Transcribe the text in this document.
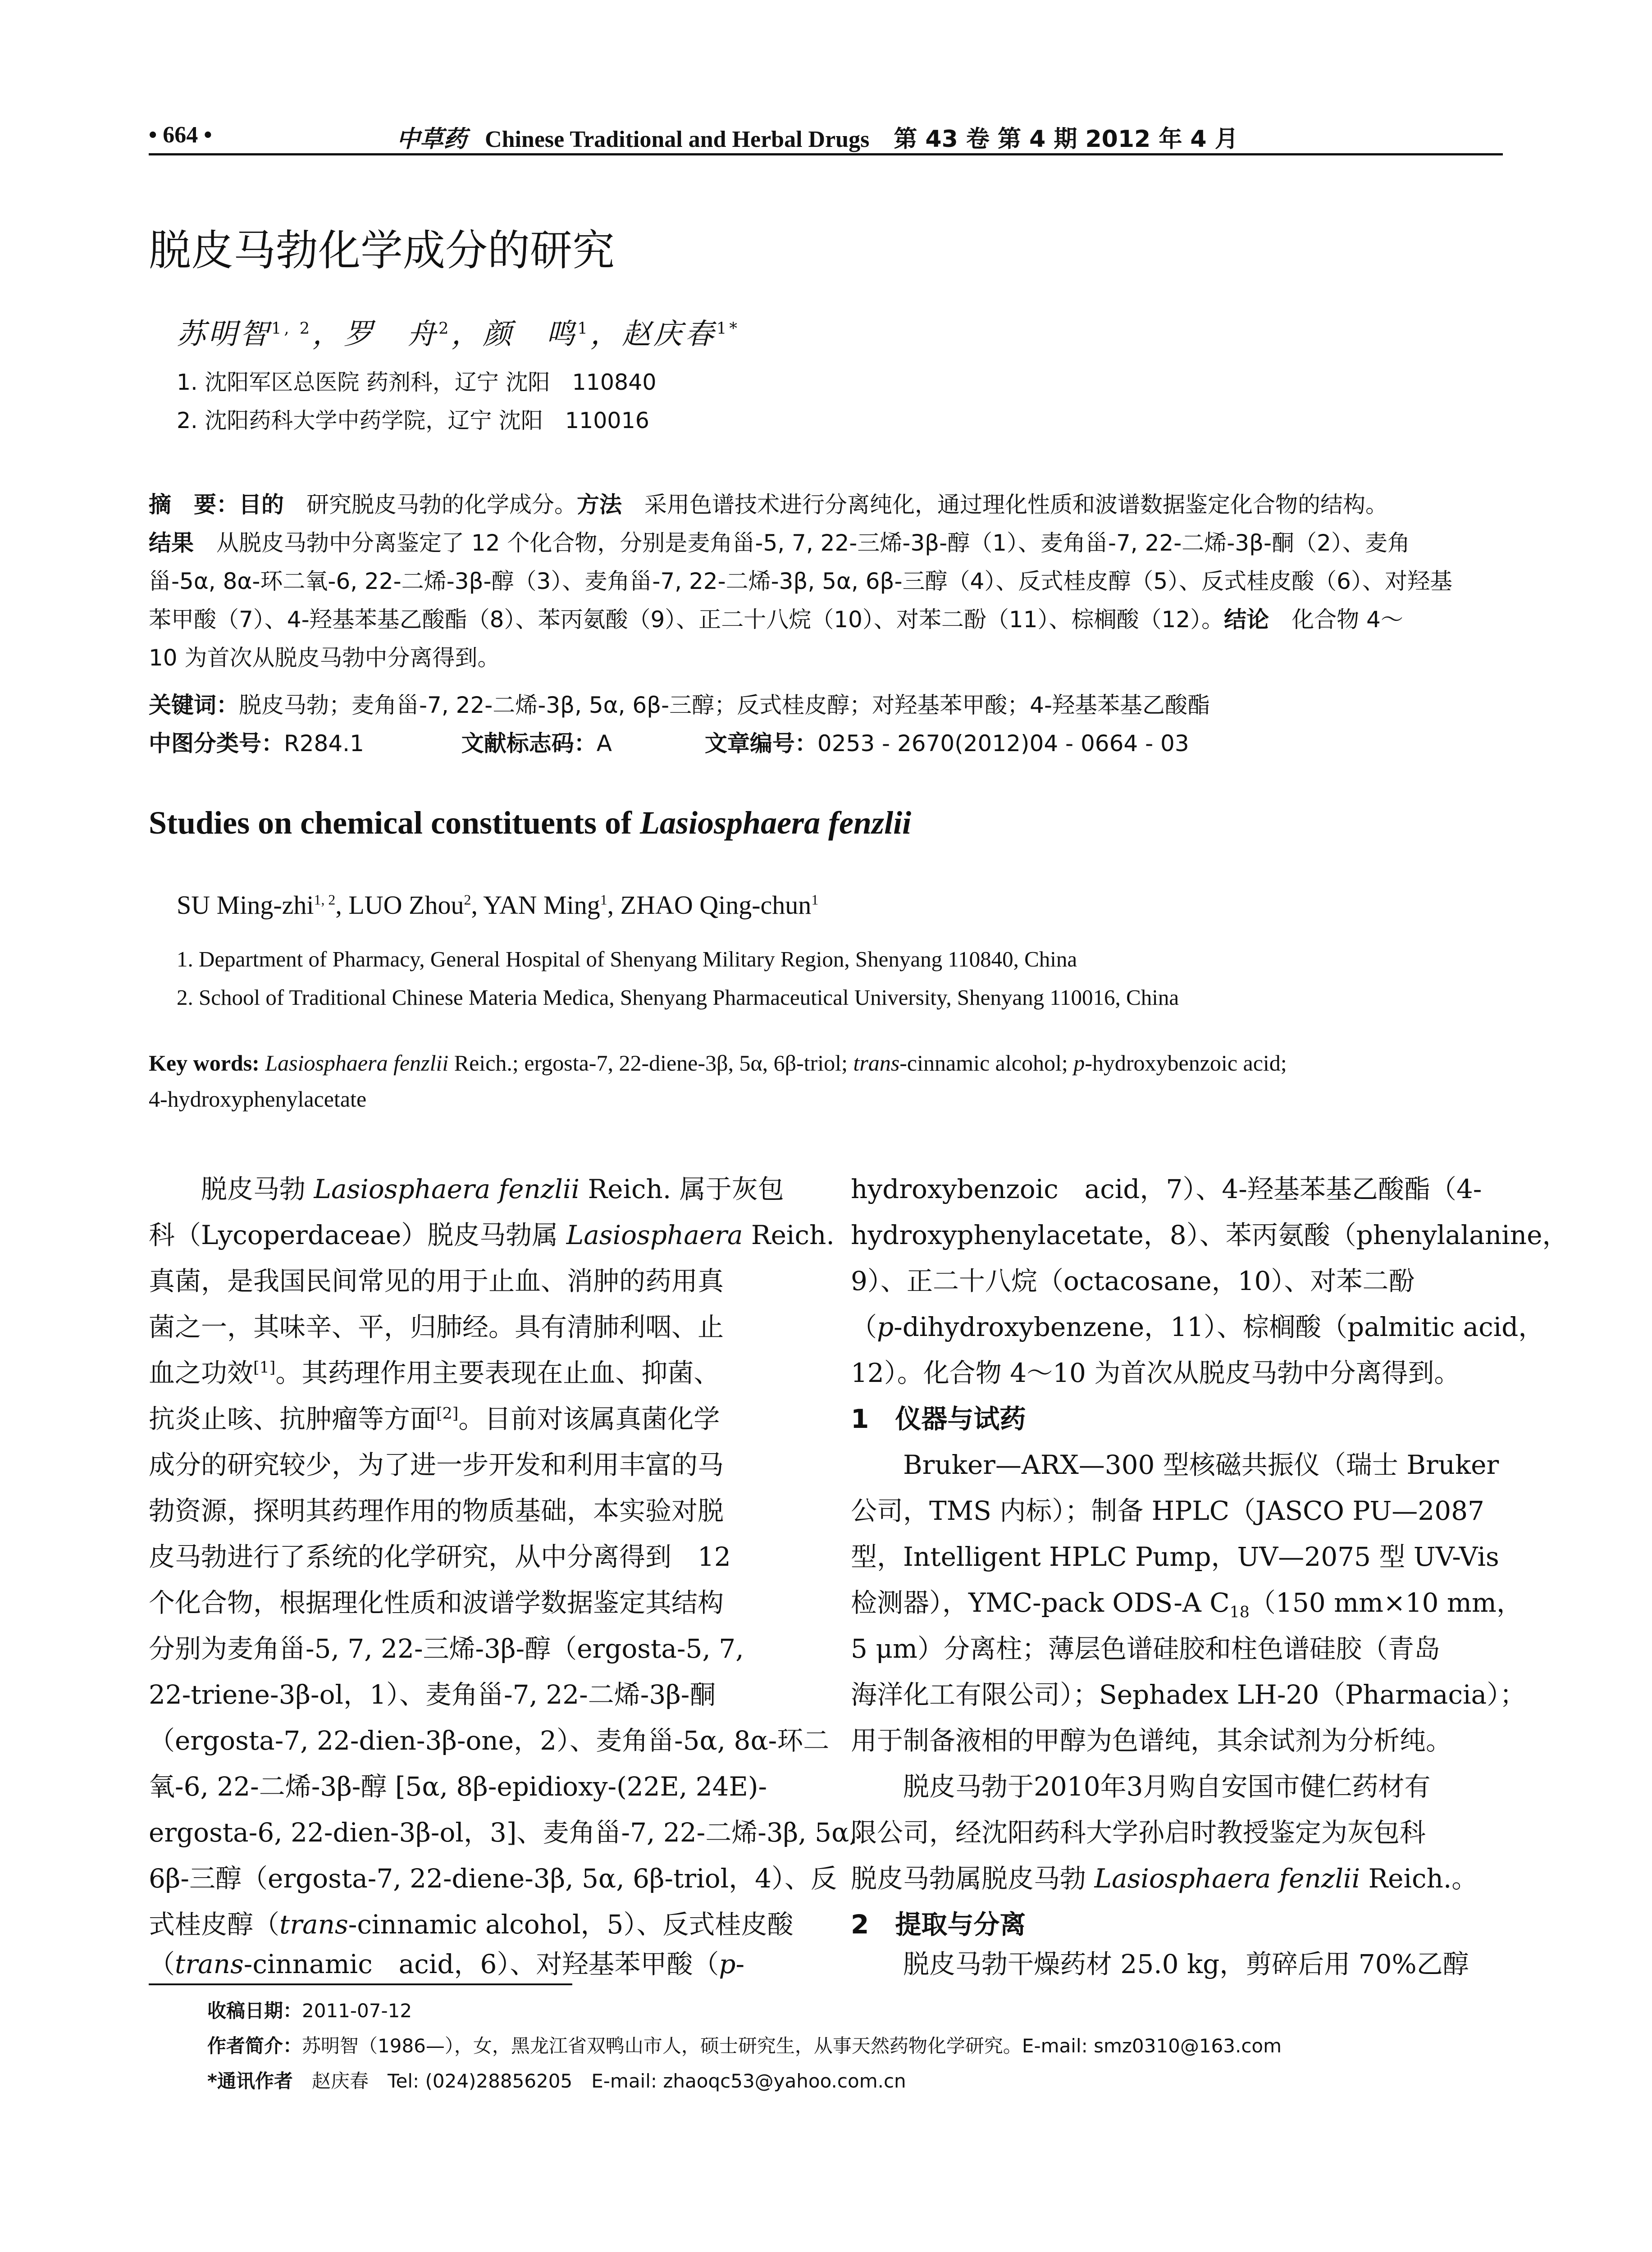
• 664 •	中草药 Chinese Traditional and Herbal Drugs 第 43 卷 第 4 期 2012 年 4 月
脱皮马勃化学成分的研究
苏明智$^{1, 2}$，罗　舟$^2$，颜　鸣$^1$，赵庆春$^{1*}$
1. 沈阳军区总医院 药剂科，辽宁 沈阳　110840
2. 沈阳药科大学中药学院，辽宁 沈阳　110016
摘　要：目的　研究脱皮马勃的化学成分。方法　采用色谱技术进行分离纯化，通过理化性质和波谱数据鉴定化合物的结构。
结果　从脱皮马勃中分离鉴定了 12 个化合物，分别是麦角甾-5, 7, 22-三烯-3β-醇（1）、麦角甾-7, 22-二烯-3β-酮（2）、麦角
甾-5α, 8α-环二氧-6, 22-二烯-3β-醇（3）、麦角甾-7, 22-二烯-3β, 5α, 6β-三醇（4）、反式桂皮醇（5）、反式桂皮酸（6）、对羟基
苯甲酸（7）、4-羟基苯基乙酸酯（8）、苯丙氨酸（9）、正二十八烷（10）、对苯二酚（11）、棕榈酸（12）。结论　化合物 4～
10 为首次从脱皮马勃中分离得到。
关键词：脱皮马勃；麦角甾-7, 22-二烯-3β, 5α, 6β-三醇；反式桂皮醇；对羟基苯甲酸；4-羟基苯基乙酸酯
中图分类号：R284.1	文献标志码：A	文章编号：0253 - 2670(2012)04 - 0664 - 03
Studies on chemical constituents of Lasiosphaera fenzlii
SU Ming-zhi$^{1, 2}$, LUO Zhou$^2$, YAN Ming$^1$, ZHAO Qing-chun$^1$
1. Department of Pharmacy, General Hospital of Shenyang Military Region, Shenyang 110840, China
2. School of Traditional Chinese Materia Medica, Shenyang Pharmaceutical University, Shenyang 110016, China
Key words: Lasiosphaera fenzlii Reich.; ergosta-7, 22-diene-3β, 5α, 6β-triol; trans-cinnamic alcohol; p-hydroxybenzoic acid;
4-hydroxyphenylacetate
　　脱皮马勃 Lasiosphaera fenzlii Reich. 属于灰包
科（Lycoperdaceae）脱皮马勃属 Lasiosphaera Reich.
真菌，是我国民间常见的用于止血、消肿的药用真
菌之一，其味辛、平，归肺经。具有清肺利咽、止
血之功效[1]。其药理作用主要表现在止血、抑菌、
抗炎止咳、抗肿瘤等方面[2]。目前对该属真菌化学
成分的研究较少，为了进一步开发和利用丰富的马
勃资源，探明其药理作用的物质基础，本实验对脱
皮马勃进行了系统的化学研究，从中分离得到　12
个化合物，根据理化性质和波谱学数据鉴定其结构
分别为麦角甾-5, 7, 22-三烯-3β-醇（ergosta-5, 7,
22-triene-3β-ol，1）、麦角甾-7, 22-二烯-3β-酮
（ergosta-7, 22-dien-3β-one，2）、麦角甾-5α, 8α-环二
氧-6, 22-二烯-3β-醇 [5α, 8β-epidioxy-(22E, 24E)-
ergosta-6, 22-dien-3β-ol，3]、麦角甾-7, 22-二烯-3β, 5α,
6β-三醇（ergosta-7, 22-diene-3β, 5α, 6β-triol，4）、反
式桂皮醇（trans-cinnamic alcohol，5）、反式桂皮酸
（trans-cinnamic　acid，6）、对羟基苯甲酸（p-
hydroxybenzoic　acid，7）、4-羟基苯基乙酸酯（4-
hydroxyphenylacetate，8）、苯丙氨酸（phenylalanine，
9）、正二十八烷（octacosane，10）、对苯二酚
（p-dihydroxybenzene，11）、棕榈酸（palmitic acid，
12）。化合物 4～10 为首次从脱皮马勃中分离得到。
1　仪器与试药
　　Bruker—ARX—300 型核磁共振仪（瑞士 Bruker
公司，TMS 内标）；制备 HPLC（JASCO PU—2087
型，Intelligent HPLC Pump，UV—2075 型 UV-Vis
检测器），YMC-pack ODS-A $C_{18}(150$ mm×10 mm，
5 μm）分离柱；薄层色谱硅胶和柱色谱硅胶（青岛
海洋化工有限公司）；Sephadex LH-20（Pharmacia）；
用于制备液相的甲醇为色谱纯，其余试剂为分析纯。
　　脱皮马勃于2010年3月购自安国市健仁药材有
限公司，经沈阳药科大学孙启时教授鉴定为灰包科
脱皮马勃属脱皮马勃 Lasiosphaera fenzlii Reich.。
2　提取与分离
　　脱皮马勃干燥药材 25.0 kg，剪碎后用 70%乙醇
收稿日期：2011-07-12
作者简介：苏明智（1986—），女，黑龙江省双鸭山市人，硕士研究生，从事天然药物化学研究。E-mail: smz0310@163.com
*通讯作者　赵庆春　Tel: (024)28856205　E-mail: zhaoqc53@yahoo.com.cn
